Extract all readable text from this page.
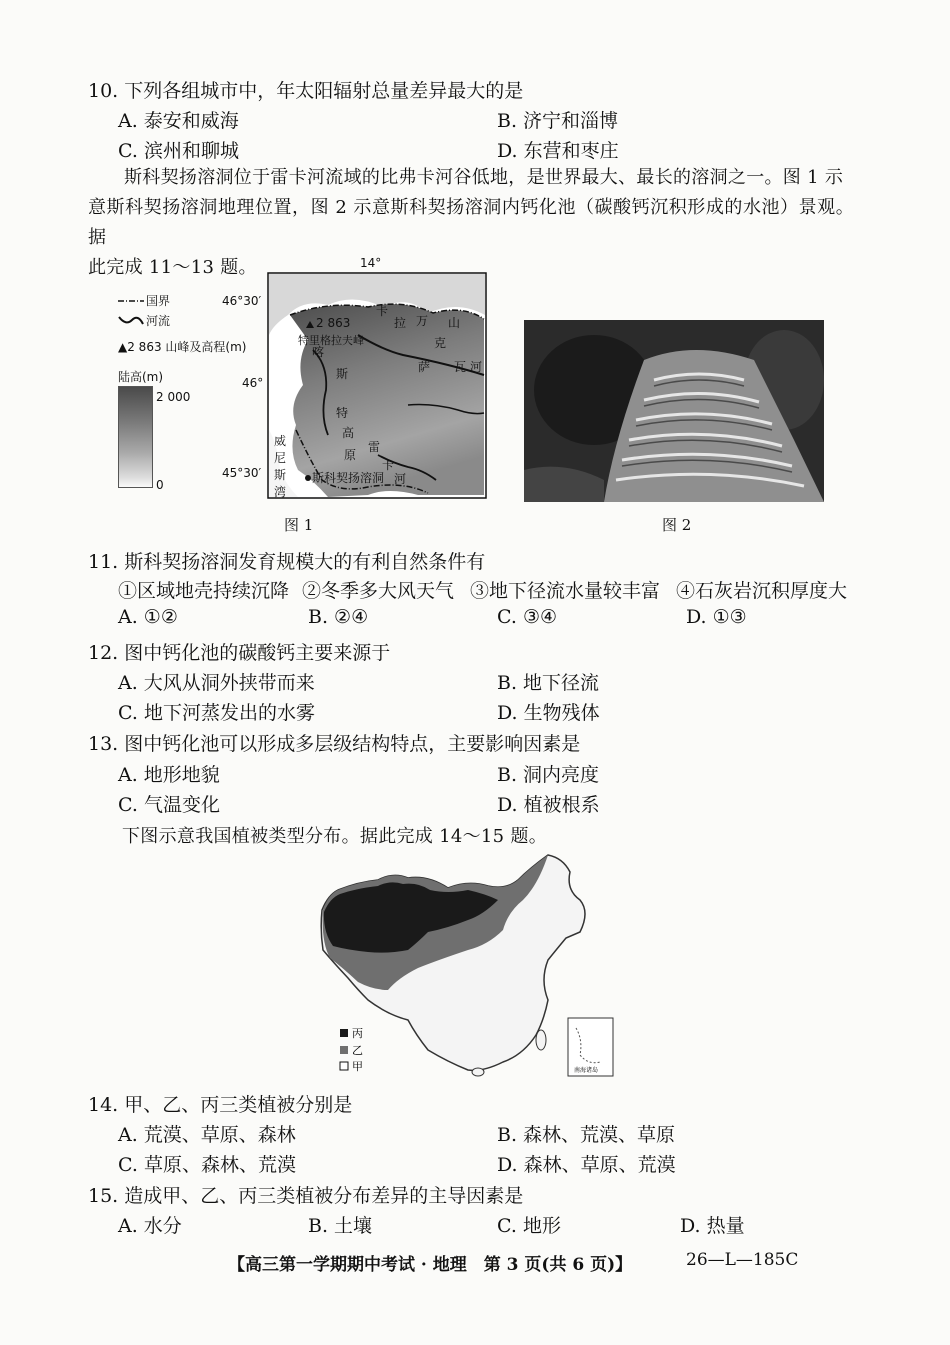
10. 下列各组城市中，年太阳辐射总量差异最大的是
A. 泰安和威海	B. 济宁和淄博
C. 滨州和聊城	D. 东营和枣庄

斯科契扬溶洞位于雷卡河流域的比弗卡河谷低地，是世界最大、最长的溶洞之一。图 1 示

意斯科契扬溶洞地理位置，图 2 示意斯科契扬溶洞内钙化池（碳酸钙沉积形成的水池）景观。据

此完成 11～13 题。

国界
河流
▲2 863 山峰及高程(m)
陆高(m)
2 000
0
14°
46°30′
46°
45°30′
2 863
特里格拉夫峰
卡
拉 万
克
山
萨 瓦 河
喀
斯
特
高
原
雷
卡
河
威
尼
斯
湾
斯科契扬溶洞
图 1	图 2
11. 斯科契扬溶洞发育规模大的有利自然条件有
①区域地壳持续沉降 ②冬季多大风天气 ③地下径流水量较丰富 ④石灰岩沉积厚度大
A. ①②	B. ②④	C. ③④	D. ①③
12. 图中钙化池的碳酸钙主要来源于
A. 大风从洞外挟带而来	B. 地下径流
C. 地下河蒸发出的水雾	D. 生物残体
13. 图中钙化池可以形成多层级结构特点，主要影响因素是
A. 地形地貌	B. 洞内亮度
C. 气温变化	D. 植被根系
下图示意我国植被类型分布。据此完成 14～15 题。
南海诸岛
丙
乙
甲
14. 甲、乙、丙三类植被分别是
A. 荒漠、草原、森林	B. 森林、荒漠、草原
C. 草原、森林、荒漠	D. 森林、草原、荒漠
15. 造成甲、乙、丙三类植被分布差异的主导因素是
A. 水分	B. 土壤	C. 地形	D. 热量
【高三第一学期期中考试 · 地理　第 3 页(共 6 页)】	26—L—185C
